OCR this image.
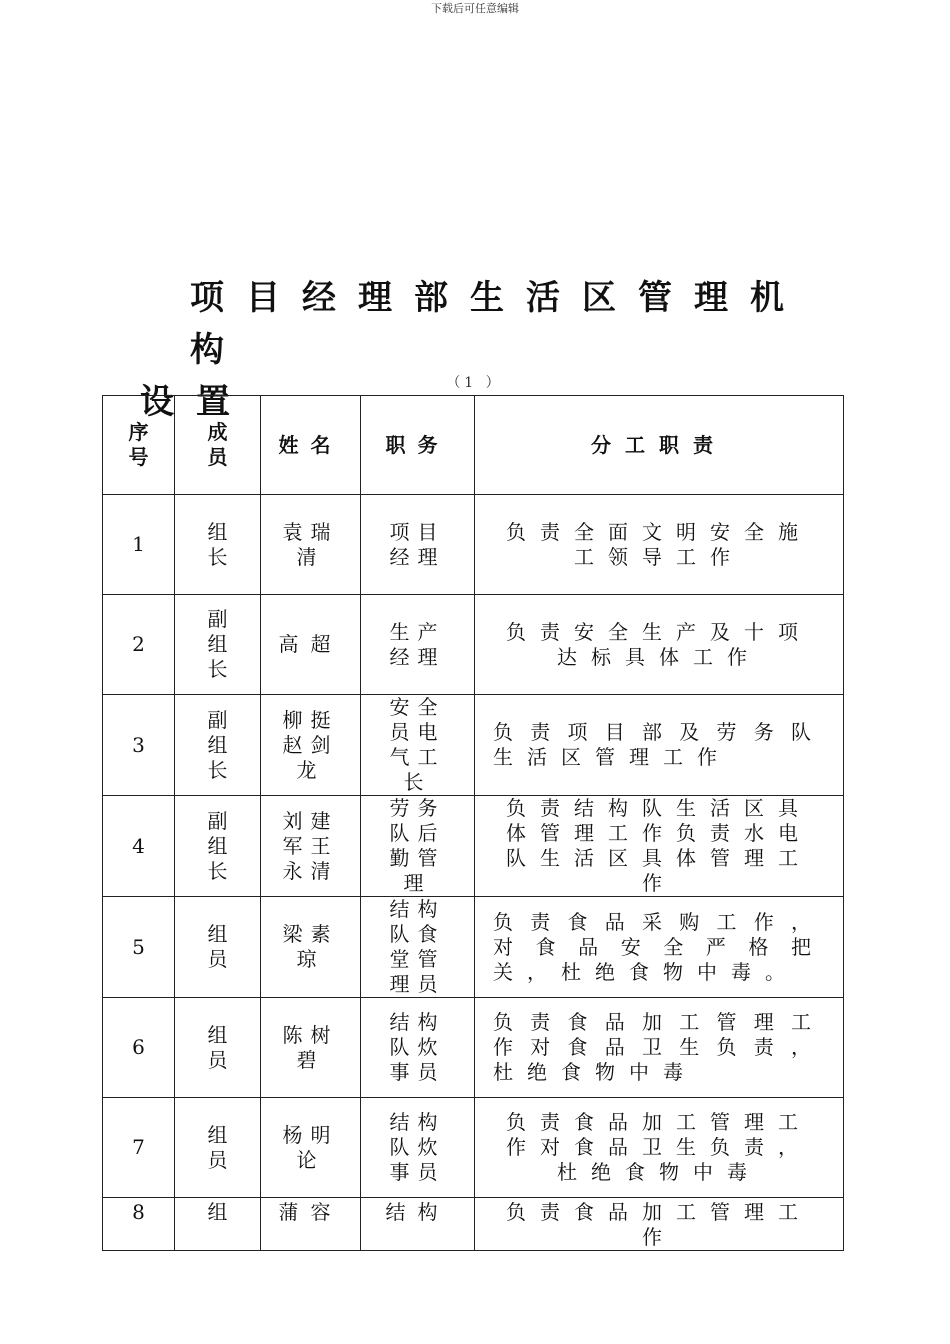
下载后可任意编辑
项目经理部生活区管理机构
设置	（1 ）
序号	成员	姓名	职务	分工职责
1	组长	袁瑞清	项目经理	负责全面文明安全施工领导工作

2	副组长	高超	生产经理	负责安全生产及十项达标具体工作

3	副组长	柳挺赵剑龙	安全员电气工长	负责项目部及劳务队生活区管理工作

4	副组长	刘建军王永清	劳务队后勤管理	负责结构队生活区具体管理工作负责水电队生活区具体管理工作

5	组员	梁素琼	结构队食堂管理员	负责食品采购工作，对食品安全严格把关，杜绝食物中毒。

6	组员	陈树碧	结构队炊事员	负责食品加工管理工作对食品卫生负责，杜绝食物中毒

7	组员	杨明论	结构队炊事员	负责食品加工管理工作对食品卫生负责，杜绝食物中毒

8	组	蒲容	结构	负责食品加工管理工作
